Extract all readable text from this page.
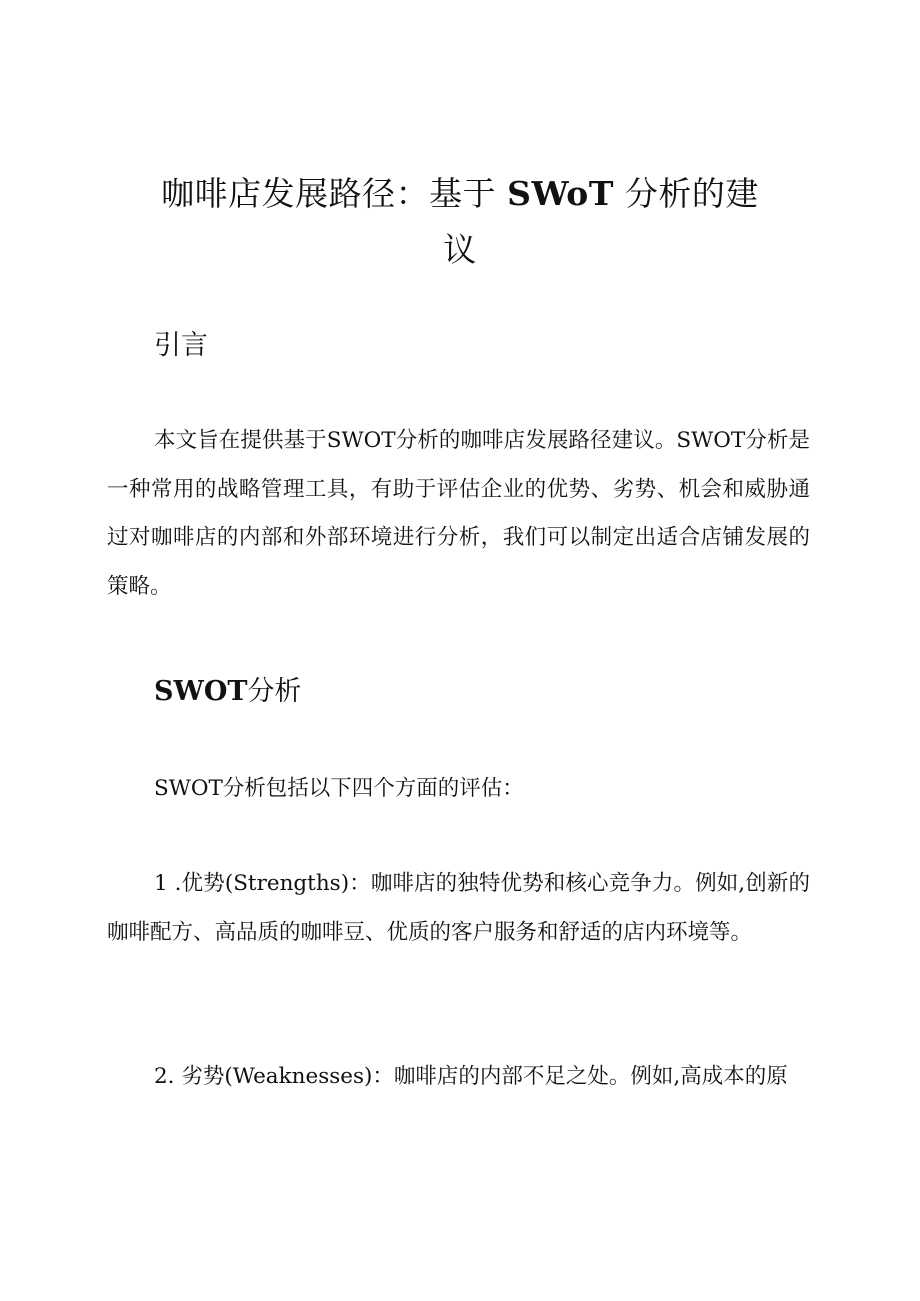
咖啡店发展路径：基于 SWoT 分析的建议
引言

本文旨在提供基于SWOT分析的咖啡店发展路径建议。SWOT分析是一种常用的战略管理工具，有助于评估企业的优势、劣势、机会和威胁通过对咖啡店的内部和外部环境进行分析，我们可以制定出适合店铺发展的策略。

SWOT分析

SWOT分析包括以下四个方面的评估：

1 .优势(Strengths)：咖啡店的独特优势和核心竞争力。例如,创新的咖啡配方、高品质的咖啡豆、优质的客户服务和舒适的店内环境等。

2. 劣势(Weaknesses)：咖啡店的内部不足之处。例如,高成本的原
